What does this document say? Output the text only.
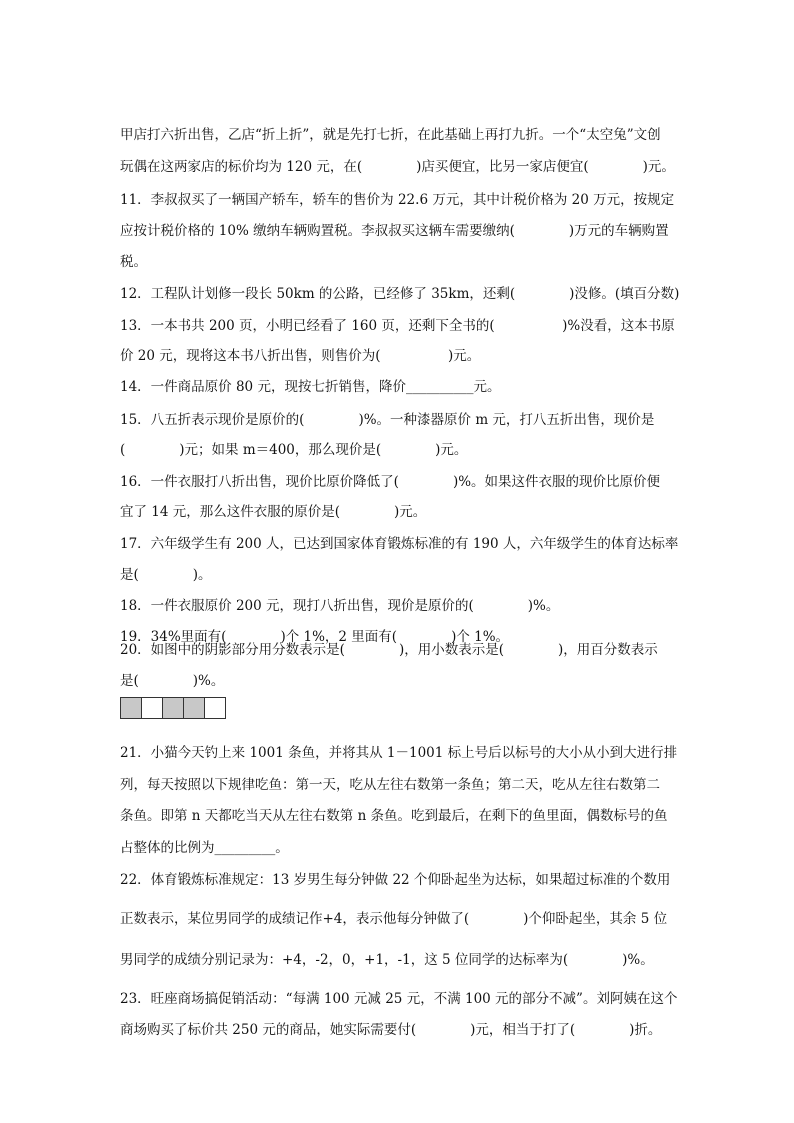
甲店打六折出售，乙店“折上折”，就是先打七折，在此基础上再打九折。一个“太空兔”文创
玩偶在这两家店的标价均为 120 元，在(　　　　)店买便宜，比另一家店便宜(　　　　)元。
11．李叔叔买了一辆国产轿车，轿车的售价为 22.6 万元，其中计税价格为 20 万元，按规定
应按计税价格的 10% 缴纳车辆购置税。李叔叔买这辆车需要缴纳(　　　　)万元的车辆购置
税。
12．工程队计划修一段长 50km 的公路，已经修了 35km，还剩(　　　　)没修。(填百分数)
13．一本书共 200 页，小明已经看了 160 页，还剩下全书的(　　　　　)%没看，这本书原
价 20 元，现将这本书八折出售，则售价为(　　　　　)元。
14．一件商品原价 80 元，现按七折销售，降价__________元。
15．八五折表示现价是原价的(　　　　)%。一种漆器原价 m 元，打八五折出售，现价是
(　　　　)元；如果 m＝400，那么现价是(　　　　)元。
16．一件衣服打八折出售，现价比原价降低了(　　　　)%。如果这件衣服的现价比原价便
宜了 14 元，那么这件衣服的原价是(　　　　)元。
17．六年级学生有 200 人，已达到国家体育锻炼标准的有 190 人，六年级学生的体育达标率
是(　　　　)。
18．一件衣服原价 200 元，现打八折出售，现价是原价的(　　　　)%。
19．34%里面有(　　　　)个 1%，2 里面有(　　　　)个 1%。
20．如图中的阴影部分用分数表示是(　　　　)，用小数表示是(　　　　)，用百分数表示
是(　　　　)%。
21．小猫今天钓上来 1001 条鱼，并将其从 1－1001 标上号后以标号的大小从小到大进行排
列，每天按照以下规律吃鱼：第一天，吃从左往右数第一条鱼；第二天，吃从左往右数第二
条鱼。即第 n 天都吃当天从左往右数第 n 条鱼。吃到最后，在剩下的鱼里面，偶数标号的鱼
占整体的比例为_________。
22．体育锻炼标准规定：13 岁男生每分钟做 22 个仰卧起坐为达标，如果超过标准的个数用
正数表示，某位男同学的成绩记作+4，表示他每分钟做了(　　　　)个仰卧起坐，其余 5 位
男同学的成绩分别记录为：+4，-2，0，+1，-1，这 5 位同学的达标率为(　　　　)%。
23．旺座商场搞促销活动：“每满 100 元减 25 元，不满 100 元的部分不减”。刘阿姨在这个
商场购买了标价共 250 元的商品，她实际需要付(　　　　)元，相当于打了(　　　　)折。
